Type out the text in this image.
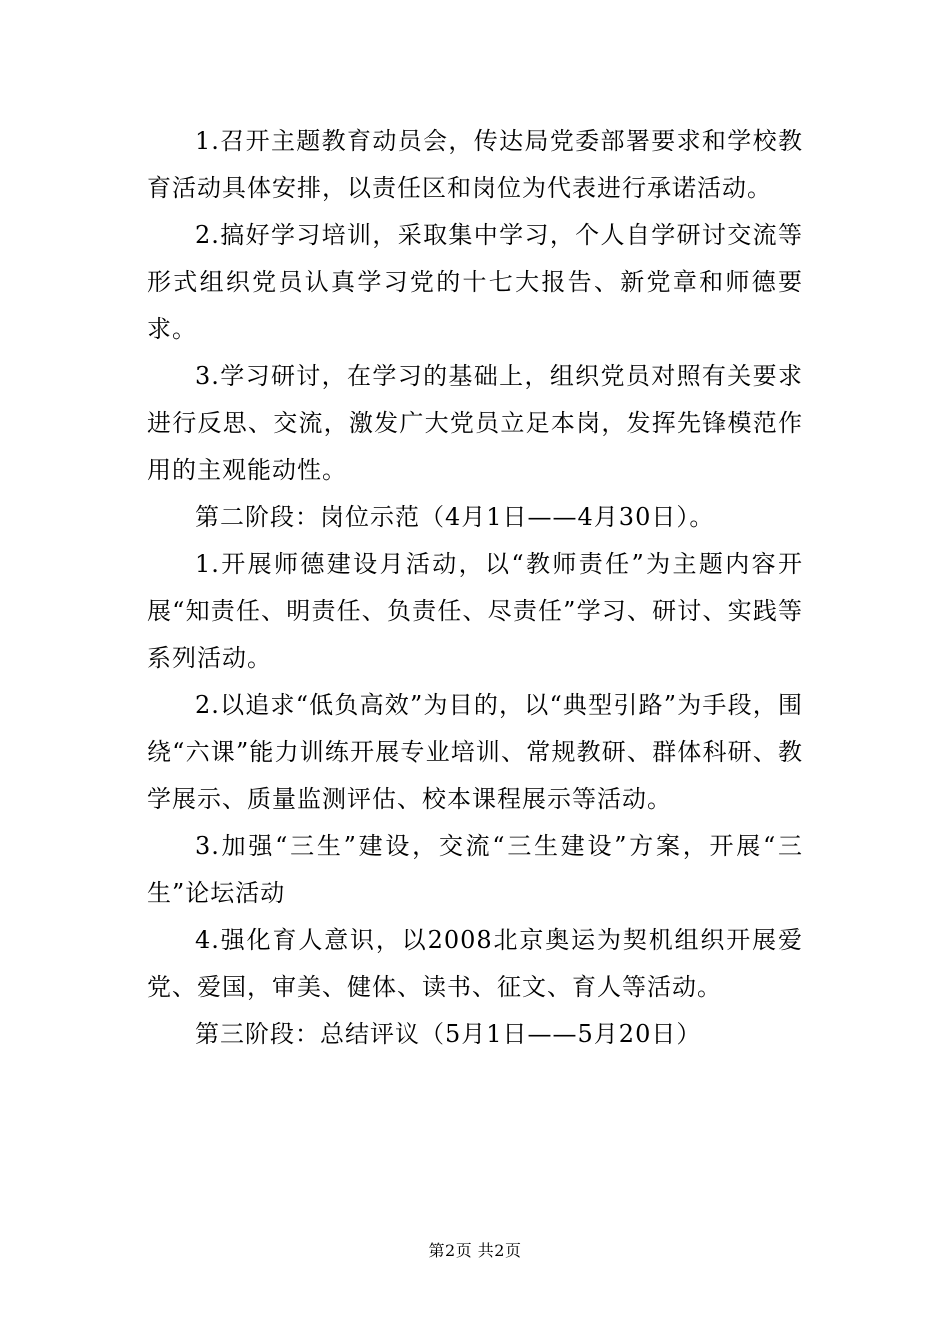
1.召开主题教育动员会，传达局党委部署要求和学校教育活动具体安排，以责任区和岗位为代表进行承诺活动。

2.搞好学习培训，采取集中学习，个人自学研讨交流等形式组织党员认真学习党的十七大报告、新党章和师德要求。

3.学习研讨，在学习的基础上，组织党员对照有关要求进行反思、交流，激发广大党员立足本岗，发挥先锋模范作用的主观能动性。

第二阶段：岗位示范（4月1日——4月30日）。

1.开展师德建设月活动，以“教师责任”为主题内容开展“知责任、明责任、负责任、尽责任”学习、研讨、实践等系列活动。

2.以追求“低负高效”为目的，以“典型引路”为手段，围绕“六课”能力训练开展专业培训、常规教研、群体科研、教学展示、质量监测评估、校本课程展示等活动。

3.加强“三生”建设，交流“三生建设”方案，开展“三生”论坛活动

4.强化育人意识，以2008北京奥运为契机组织开展爱党、爱国，审美、健体、读书、征文、育人等活动。

第三阶段：总结评议（5月1日——5月20日）

第2页 共2页
